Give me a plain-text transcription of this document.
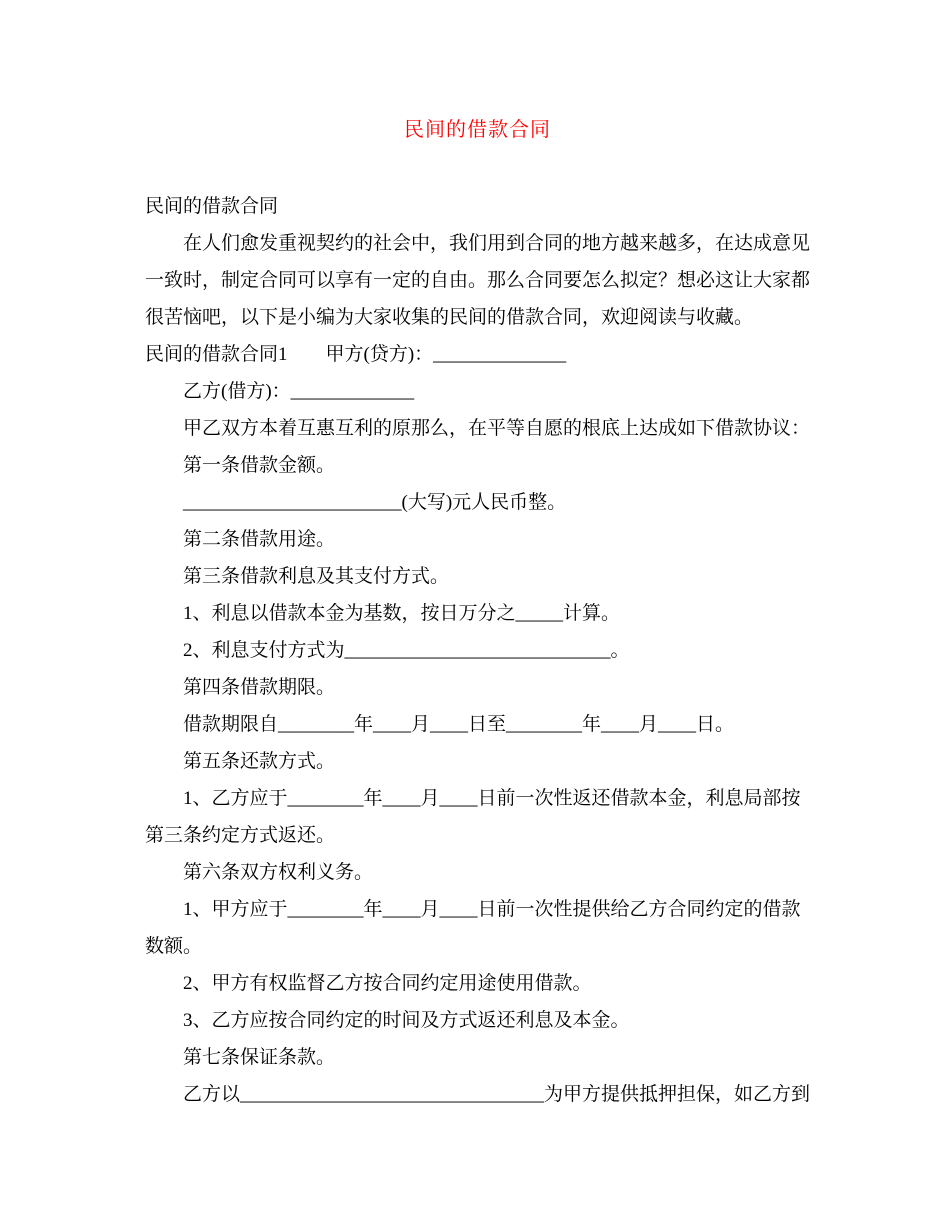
民间的借款合同

民间的借款合同

在人们愈发重视契约的社会中，我们用到合同的地方越来越多，在达成意见一致时，制定合同可以享有一定的自由。那么合同要怎么拟定？想必这让大家都很苦恼吧，以下是小编为大家收集的民间的借款合同，欢迎阅读与收藏。

民间的借款合同1　　甲方(贷方)：______________

乙方(借方)：_____________

甲乙双方本着互惠互利的原那么，在平等自愿的根底上达成如下借款协议：

第一条借款金额。

_______________________(大写)元人民币整。

第二条借款用途。

第三条借款利息及其支付方式。

1、利息以借款本金为基数，按日万分之_____计算。

2、利息支付方式为____________________________。

第四条借款期限。

借款期限自________年____月____日至________年____月____日。

第五条还款方式。

1、乙方应于________年____月____日前一次性返还借款本金，利息局部按第三条约定方式返还。

第六条双方权利义务。

1、甲方应于________年____月____日前一次性提供给乙方合同约定的借款数额。

2、甲方有权监督乙方按合同约定用途使用借款。

3、乙方应按合同约定的时间及方式返还利息及本金。

第七条保证条款。

乙方以________________________________为甲方提供抵押担保，如乙方到
